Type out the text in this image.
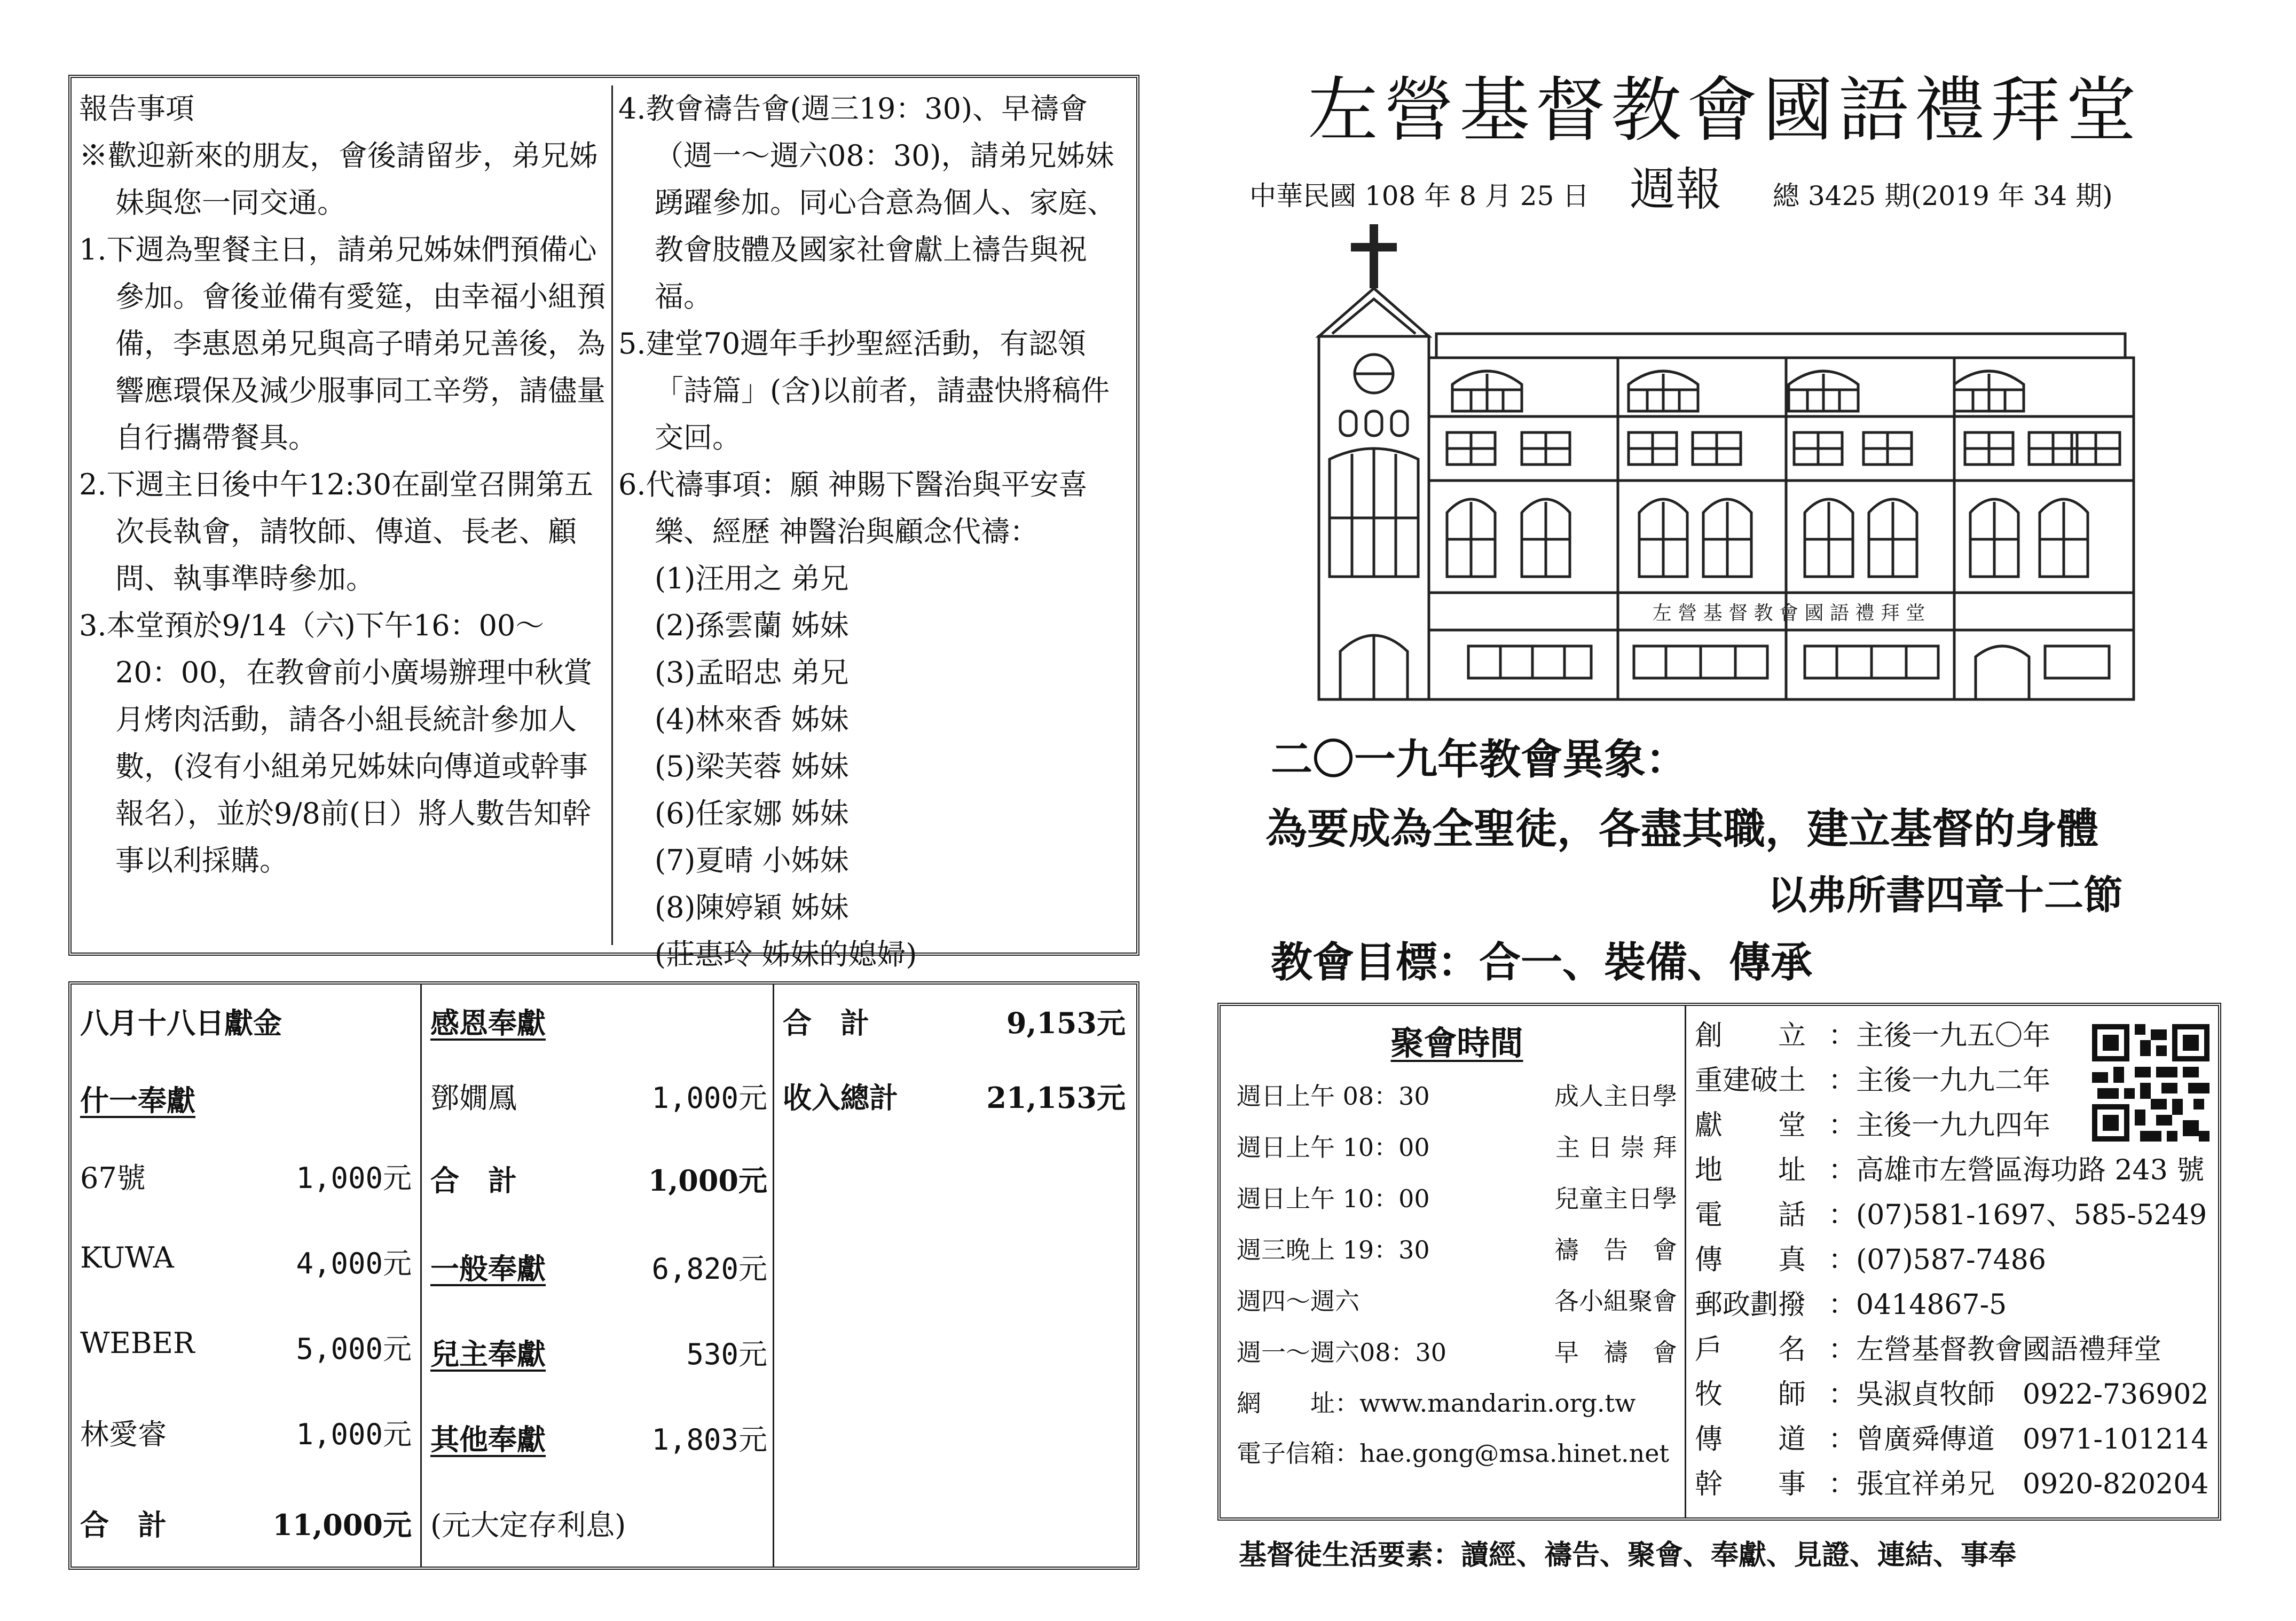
報告事項

※歡迎新來的朋友，會後請留步，弟兄姊妹與您一同交通。

1.下週為聖餐主日，請弟兄姊妹們預備心參加。會後並備有愛筵，由幸福小組預備，李惠恩弟兄與高子晴弟兄善後，為響應環保及減少服事同工辛勞，請儘量自行攜帶餐具。

2.下週主日後中午12:30在副堂召開第五次長執會，請牧師、傳道、長老、顧問、執事準時參加。

3.本堂預於9/14（六)下午16：00～20：00，在教會前小廣場辦理中秋賞月烤肉活動，請各小組長統計參加人數，(沒有小組弟兄姊妹向傳道或幹事報名），並於9/8前(日）將人數告知幹事以利採購。

4.教會禱告會(週三19：30)、早禱會（週一～週六08：30)，請弟兄姊妹踴躍參加。同心合意為個人、家庭、教會肢體及國家社會獻上禱告與祝福。

5.建堂70週年手抄聖經活動，有認領「詩篇」(含)以前者，請盡快將稿件交回。

6.代禱事項：願 神賜下醫治與平安喜樂、經歷 神醫治與顧念代禱：

(1)汪用之 弟兄

(2)孫雲蘭 姊妹

(3)孟昭忠 弟兄

(4)林來香 姊妹

(5)梁芙蓉 姊妹

(6)任家娜 姊妹

(7)夏晴 小姊妹

(8)陳婷穎 姊妹

(莊惠玲 姊妹的媳婦)

左營基督教會國語禮拜堂
中華民國 108 年 8 月 25 日 週報 總 3425 期(2019 年 34 期)
左 營 基 督 教 會 國 語 禮 拜 堂
二〇一九年教會異象：
為要成為全聖徒，各盡其職，建立基督的身體
以弗所書四章十二節
教會目標：合一、裝備、傳承
八月十八日獻金
什一奉獻
67號	1,000元
KUWA	4,000元
WEBER	5,000元
林愛睿	1,000元
合　計	11,000元
感恩奉獻
鄧嫺鳳	1,000元
合　計	1,000元
一般奉獻	6,820元
兒主奉獻	530元
其他奉獻	1,803元
(元大定存利息)
合　計	9,153元
收入總計	21,153元
聚會時間
週日上午 08：30	成人主日學
週日上午 10：00	主 日 崇 拜
週日上午 10：00	兒童主日學
週三晚上 19：30	禱　告　會
週四～週六	各小組聚會
週一～週六08：30	早　禱　會
網　　址：www.mandarin.org.tw
電子信箱：hae.gong@msa.hinet.net
創　　立 ： 主後一九五〇年
重建破土 ： 主後一九九二年
獻　　堂 ： 主後一九九四年
地　　址 ： 高雄市左營區海功路 243 號
電　　話 ： (07)581-1697、585-5249
傳　　真 ： (07)587-7486
郵政劃撥 ： 0414867-5
戶　　名 ： 左營基督教會國語禮拜堂
牧　　師 ： 吳淑貞牧師　0922-736902
傳　　道 ： 曾廣舜傳道　0971-101214
幹　　事 ： 張宜祥弟兄　0920-820204
基督徒生活要素：讀經、禱告、聚會、奉獻、見證、連結、事奉
